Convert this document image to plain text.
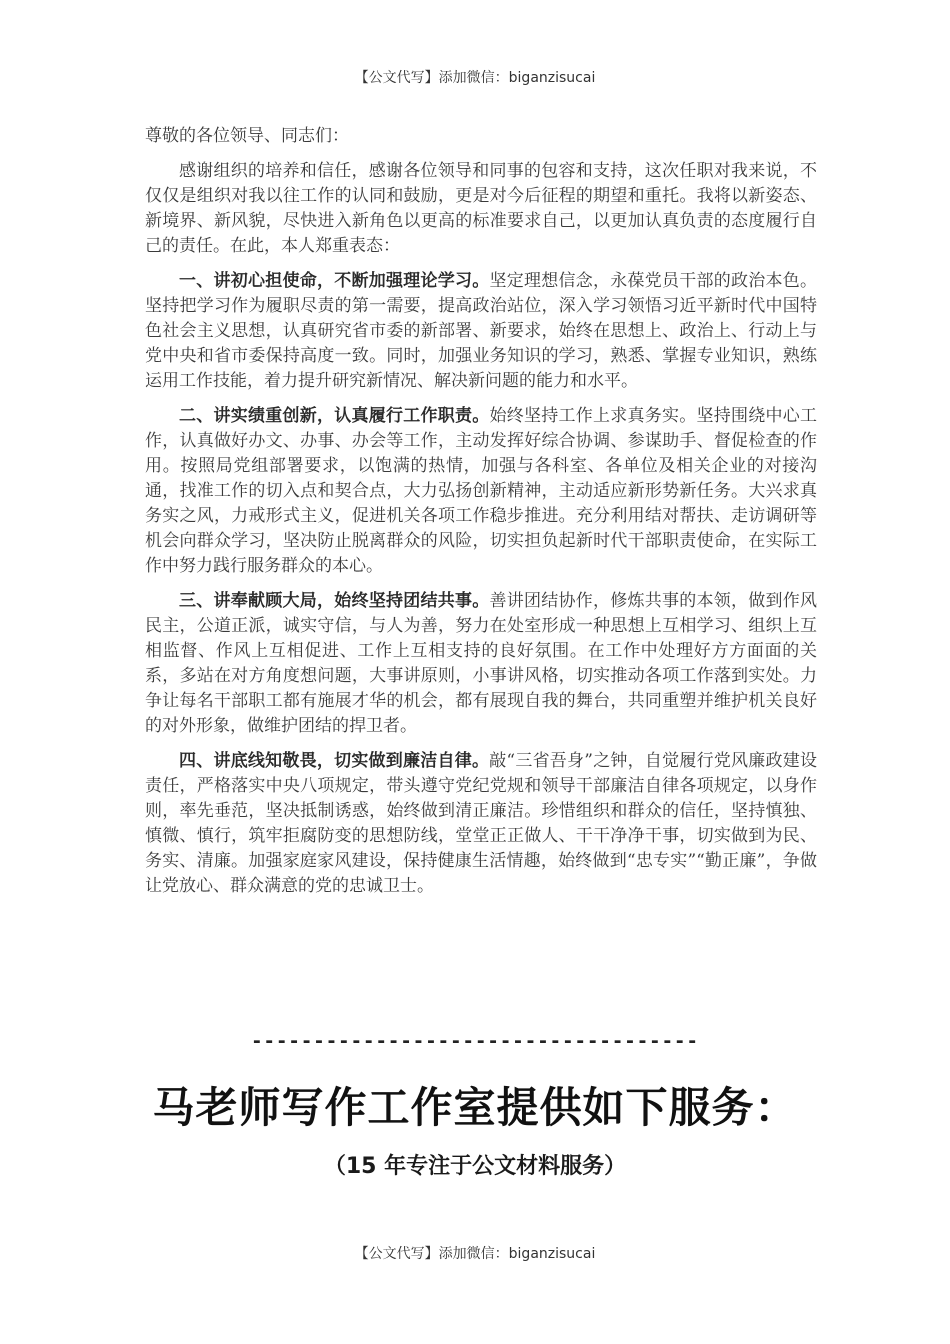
【公文代写】添加微信：biganzisucai

尊敬的各位领导、同志们：

感谢组织的培养和信任，感谢各位领导和同事的包容和支持，这次任职对我来说，不仅仅是组织对我以往工作的认同和鼓励，更是对今后征程的期望和重托。我将以新姿态、新境界、新风貌，尽快进入新角色以更高的标准要求自己，以更加认真负责的态度履行自己的责任。在此，本人郑重表态：

一、讲初心担使命，不断加强理论学习。坚定理想信念，永葆党员干部的政治本色。坚持把学习作为履职尽责的第一需要，提高政治站位，深入学习领悟习近平新时代中国特色社会主义思想，认真研究省市委的新部署、新要求，始终在思想上、政治上、行动上与党中央和省市委保持高度一致。同时，加强业务知识的学习，熟悉、掌握专业知识，熟练运用工作技能，着力提升研究新情况、解决新问题的能力和水平。

二、讲实绩重创新，认真履行工作职责。始终坚持工作上求真务实。坚持围绕中心工作，认真做好办文、办事、办会等工作，主动发挥好综合协调、参谋助手、督促检查的作用。按照局党组部署要求，以饱满的热情，加强与各科室、各单位及相关企业的对接沟通，找准工作的切入点和契合点，大力弘扬创新精神，主动适应新形势新任务。大兴求真务实之风，力戒形式主义，促进机关各项工作稳步推进。充分利用结对帮扶、走访调研等机会向群众学习，坚决防止脱离群众的风险，切实担负起新时代干部职责使命，在实际工作中努力践行服务群众的本心。

三、讲奉献顾大局，始终坚持团结共事。善讲团结协作，修炼共事的本领，做到作风民主，公道正派，诚实守信，与人为善，努力在处室形成一种思想上互相学习、组织上互相监督、作风上互相促进、工作上互相支持的良好氛围。在工作中处理好方方面面的关系，多站在对方角度想问题，大事讲原则，小事讲风格，切实推动各项工作落到实处。力争让每名干部职工都有施展才华的机会，都有展现自我的舞台，共同重塑并维护机关良好的对外形象，做维护团结的捍卫者。

四、讲底线知敬畏，切实做到廉洁自律。敲“三省吾身”之钟，自觉履行党风廉政建设责任，严格落实中央八项规定，带头遵守党纪党规和领导干部廉洁自律各项规定，以身作则，率先垂范，坚决抵制诱惑，始终做到清正廉洁。珍惜组织和群众的信任，坚持慎独、慎微、慎行，筑牢拒腐防变的思想防线，堂堂正正做人、干干净净干事，切实做到为民、务实、清廉。加强家庭家风建设，保持健康生活情趣，始终做到“忠专实”“勤正廉”，争做让党放心、群众满意的党的忠诚卫士。

------------------------------------
马老师写作工作室提供如下服务：
（15 年专注于公文材料服务）
【公文代写】添加微信：biganzisucai
